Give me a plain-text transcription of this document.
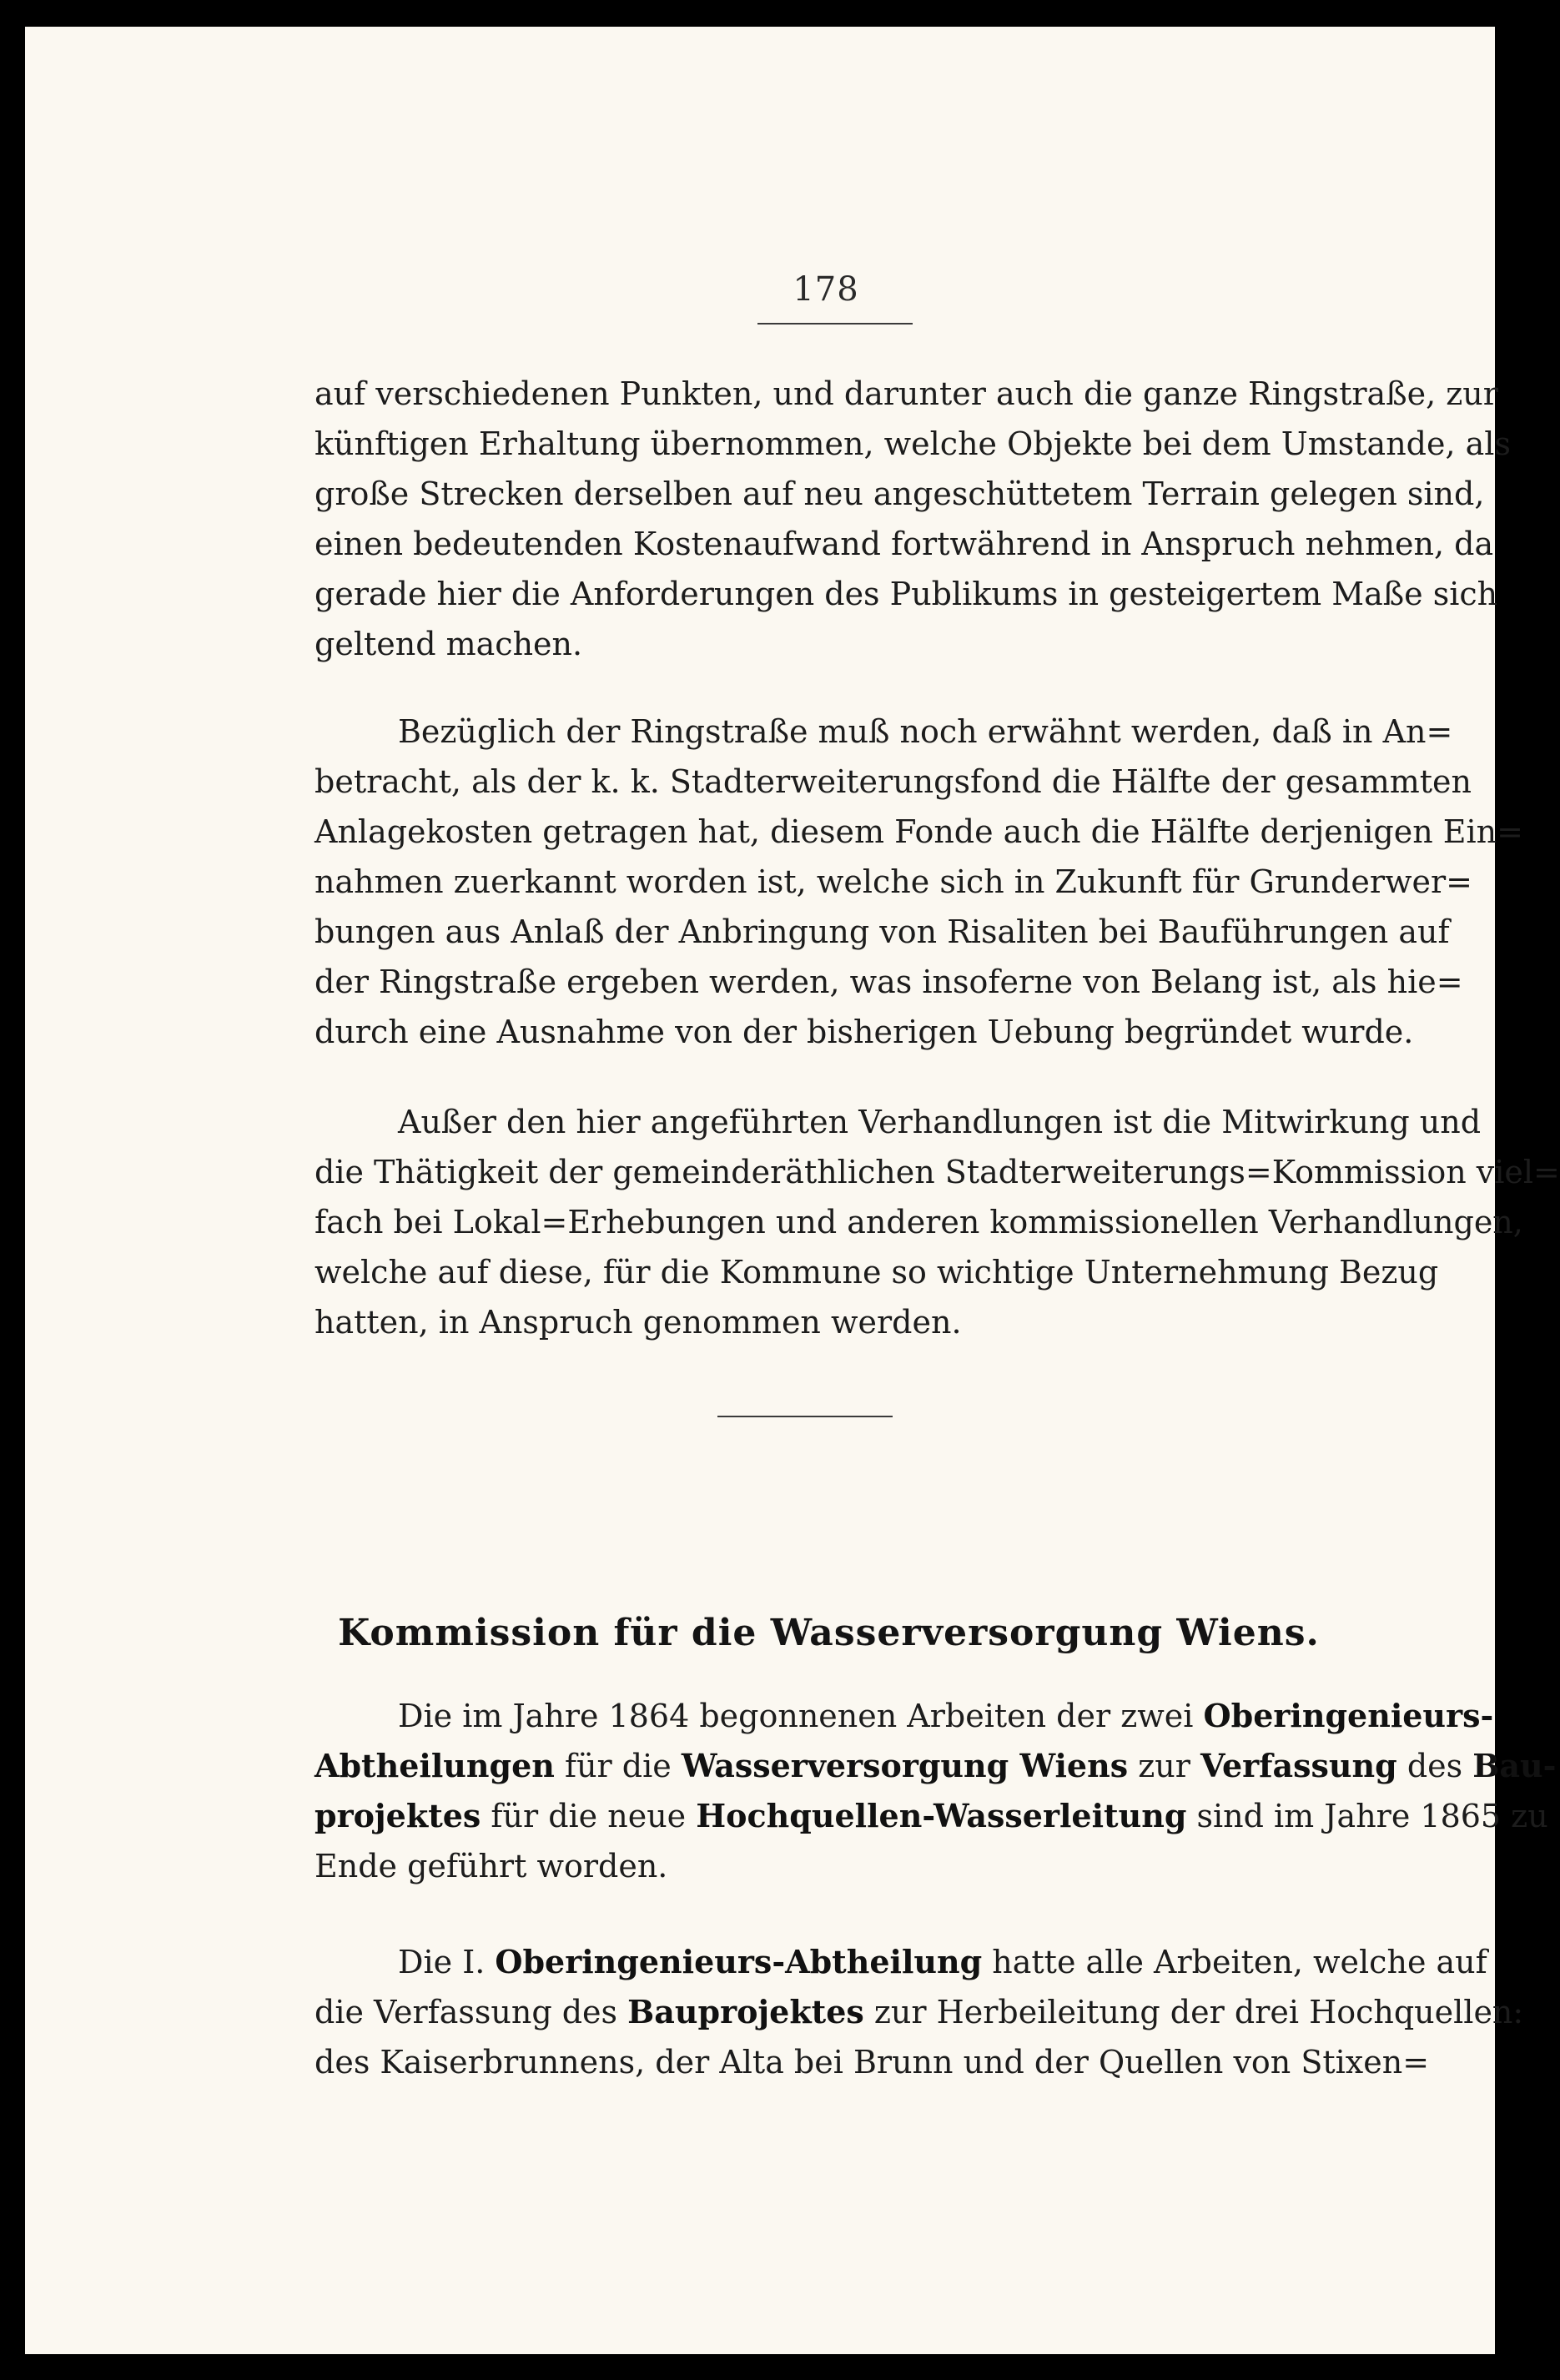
178
auf verschiedenen Punkten, und darunter auch die ganze Ringstraße, zur
künftigen Erhaltung übernommen, welche Objekte bei dem Umstande, als
große Strecken derselben auf neu angeschüttetem Terrain gelegen sind,
einen bedeutenden Kostenaufwand fortwährend in Anspruch nehmen, da
gerade hier die Anforderungen des Publikums in gesteigertem Maße sich
geltend machen.
Bezüglich der Ringstraße muß noch erwähnt werden, daß in An=
betracht, als der k. k. Stadterweiterungsfond die Hälfte der gesammten
Anlagekosten getragen hat, diesem Fonde auch die Hälfte derjenigen Ein=
nahmen zuerkannt worden ist, welche sich in Zukunft für Grunderwer=
bungen aus Anlaß der Anbringung von Risaliten bei Bauführungen auf
der Ringstraße ergeben werden, was insoferne von Belang ist, als hie=
durch eine Ausnahme von der bisherigen Uebung begründet wurde.
Außer den hier angeführten Verhandlungen ist die Mitwirkung und
die Thätigkeit der gemeinderäthlichen Stadterweiterungs=Kommission viel=
fach bei Lokal=Erhebungen und anderen kommissionellen Verhandlungen,
welche auf diese, für die Kommune so wichtige Unternehmung Bezug
hatten, in Anspruch genommen werden.
Kommission für die Wasserversorgung Wiens.
Die im Jahre 1864 begonnenen Arbeiten der zwei Oberingenieurs-
Abtheilungen für die Wasserversorgung Wiens zur Verfassung des Bau-
projektes für die neue Hochquellen-Wasserleitung sind im Jahre 1865 zu
Ende geführt worden.
Die I. Oberingenieurs-Abtheilung hatte alle Arbeiten, welche auf
die Verfassung des Bauprojektes zur Herbeileitung der drei Hochquellen:
des Kaiserbrunnens, der Alta bei Brunn und der Quellen von Stixen=
